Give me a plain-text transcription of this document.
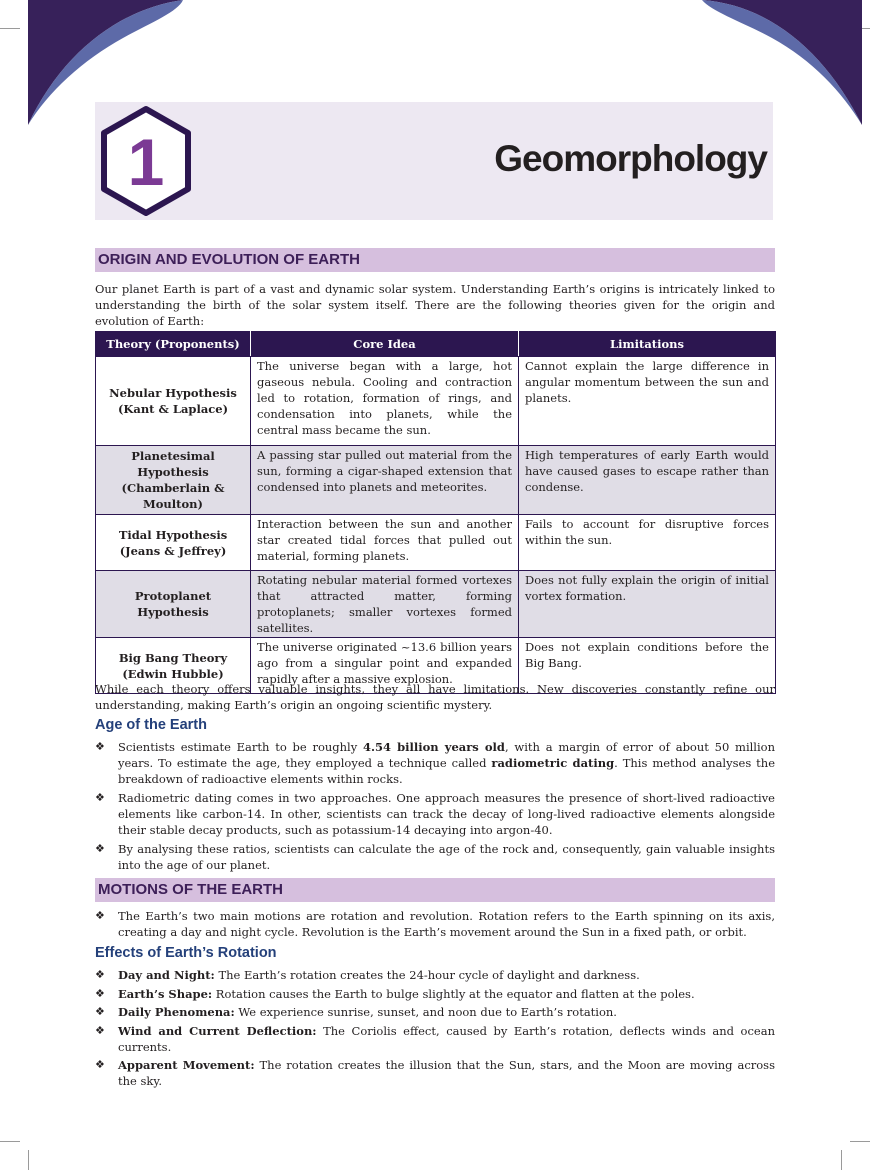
1	Geomorphology
ORIGIN AND EVOLUTION OF EARTH

Our planet Earth is part of a vast and dynamic solar system. Understanding Earth’s origins is intricately linked to understanding the birth of the solar system itself. There are the following theories given for the origin and evolution of Earth:

Theory (Proponents)	Core Idea	Limitations

Nebular Hypothesis
(Kant & Laplace)	The universe began with a large, hot gaseous nebula. Cooling and contraction led to rotation, formation of rings, and condensation into planets, while the central mass became the sun.	Cannot explain the large difference in angular momentum between the sun and planets.

Planetesimal Hypothesis
(Chamberlain & Moulton)	A passing star pulled out material from the sun, forming a cigar-shaped extension that condensed into planets and meteorites.	High temperatures of early Earth would have caused gases to escape rather than condense.

Tidal Hypothesis
(Jeans & Jeffrey)	Interaction between the sun and another star created tidal forces that pulled out material, forming planets.	Fails to account for disruptive forces within the sun.

Protoplanet Hypothesis	Rotating nebular material formed vortexes that attracted matter, forming protoplanets; smaller vortexes formed satellites.	Does not fully explain the origin of initial vortex formation.

Big Bang Theory
(Edwin Hubble)	The universe originated ~13.6 billion years ago from a singular point and expanded rapidly after a massive explosion.	Does not explain conditions before the Big Bang.

While each theory offers valuable insights, they all have limitations. New discoveries constantly refine our understanding, making Earth’s origin an ongoing scientific mystery.

Age of the Earth
❖ Scientists estimate Earth to be roughly 4.54 billion years old, with a margin of error of about 50 million years. To estimate the age, they employed a technique called radiometric dating. This method analyses the breakdown of radioactive elements within rocks.
❖ Radiometric dating comes in two approaches. One approach measures the presence of short-lived radioactive elements like carbon-14. In other, scientists can track the decay of long-lived radioactive elements alongside their stable decay products, such as potassium-14 decaying into argon-40.
❖ By analysing these ratios, scientists can calculate the age of the rock and, consequently, gain valuable insights into the age of our planet.
MOTIONS OF THE EARTH
❖ The Earth’s two main motions are rotation and revolution. Rotation refers to the Earth spinning on its axis, creating a day and night cycle. Revolution is the Earth’s movement around the Sun in a fixed path, or orbit.
Effects of Earth’s Rotation
❖ Day and Night: The Earth’s rotation creates the 24-hour cycle of daylight and darkness.
❖ Earth’s Shape: Rotation causes the Earth to bulge slightly at the equator and flatten at the poles.
❖ Daily Phenomena: We experience sunrise, sunset, and noon due to Earth’s rotation.
❖ Wind and Current Deflection: The Coriolis effect, caused by Earth’s rotation, deflects winds and ocean currents.
❖ Apparent Movement: The rotation creates the illusion that the Sun, stars, and the Moon are moving across the sky.
